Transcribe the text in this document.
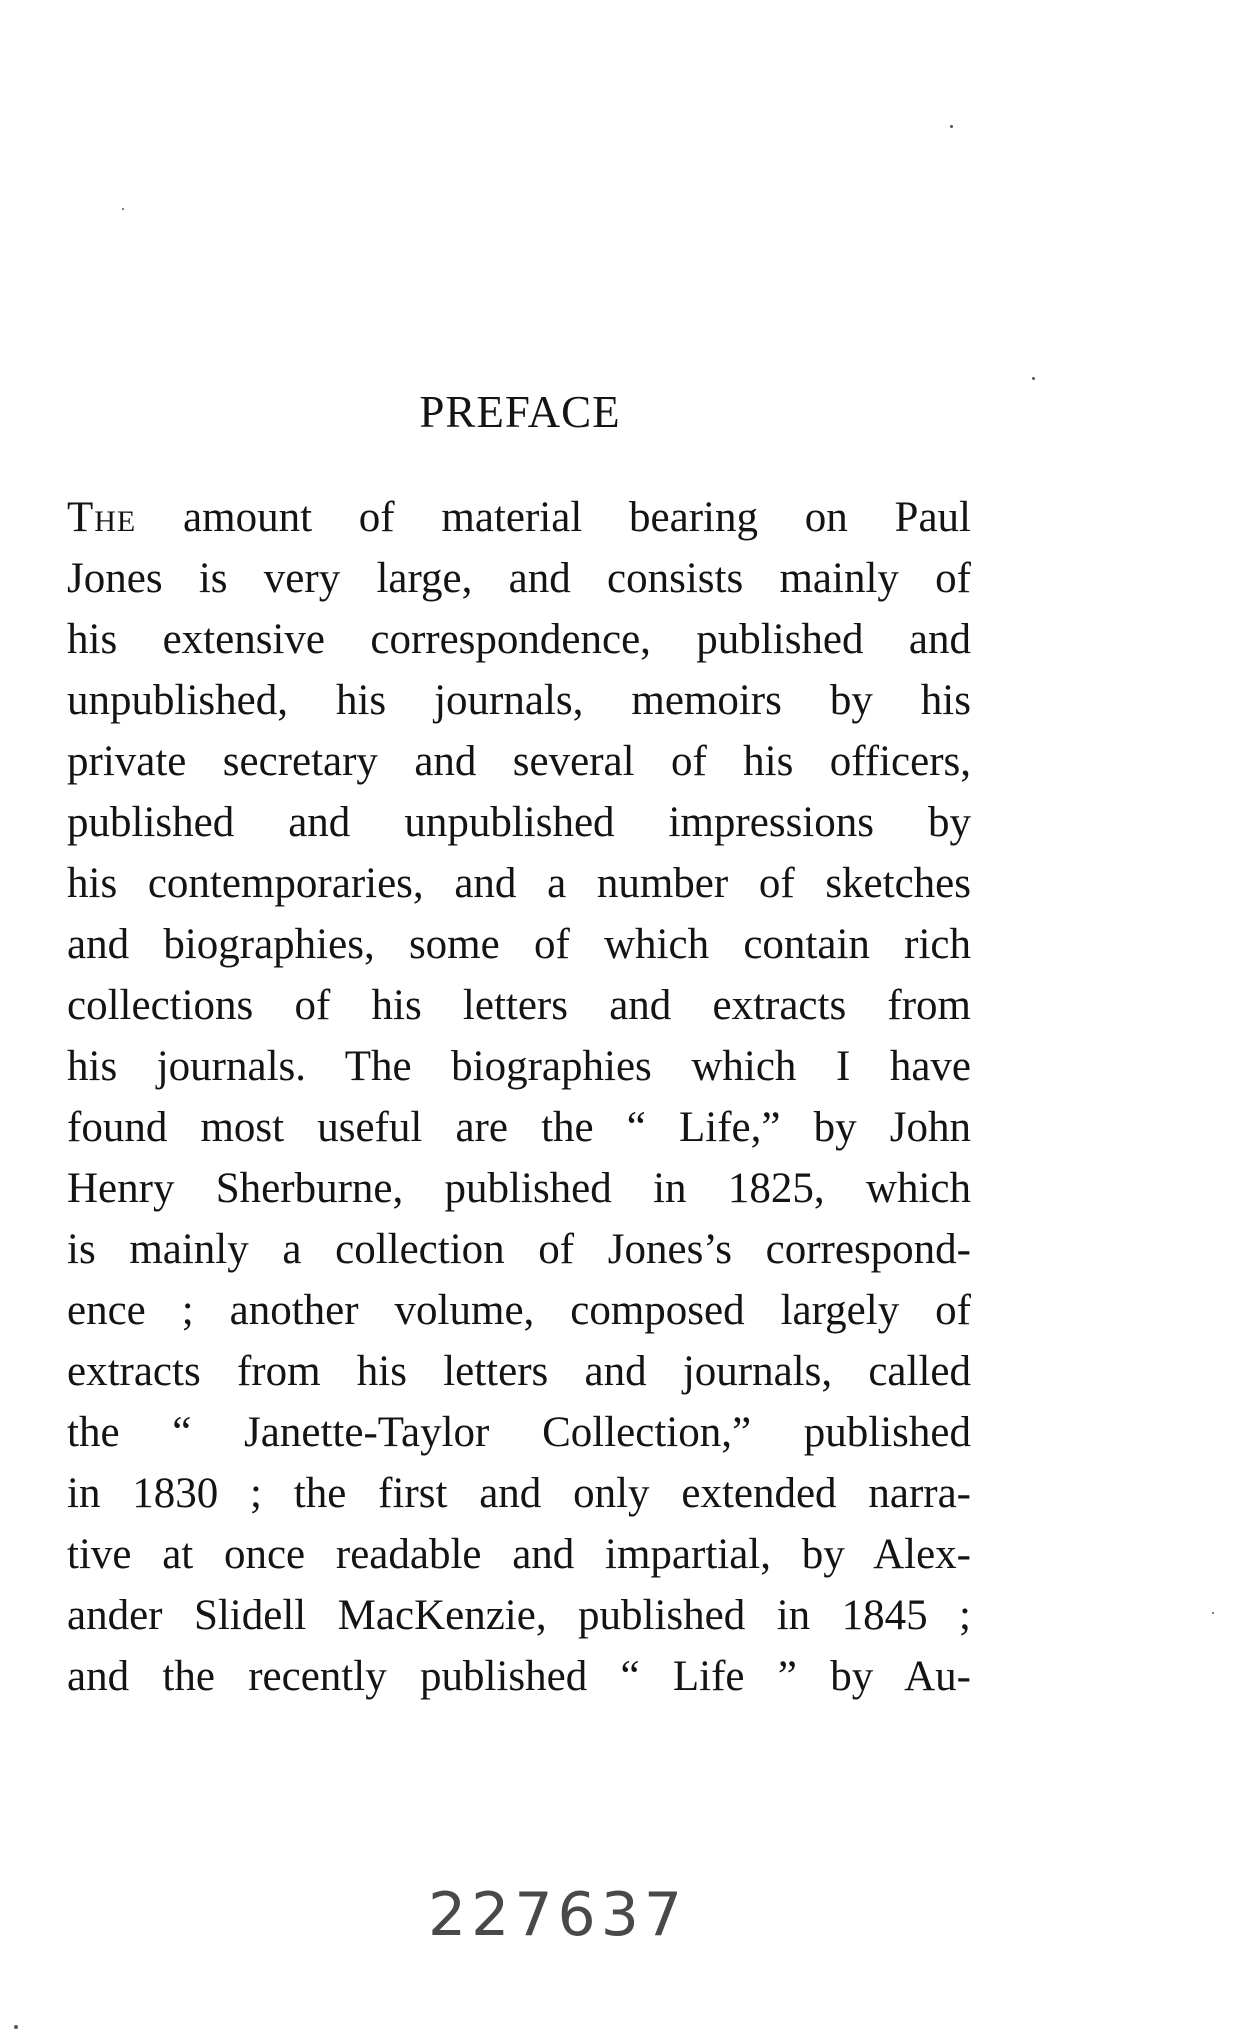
PREFACE
The amount of material bearing on Paul
Jones is very large, and consists mainly of
his extensive correspondence, published and
unpublished, his journals, memoirs by his
private secretary and several of his officers,
published and unpublished impressions by
his contemporaries, and a number of sketches
and biographies, some of which contain rich
collections of his letters and extracts from
his journals. The biographies which I have
found most useful are the “ Life,” by John
Henry Sherburne, published in 1825, which
is mainly a collection of Jones’s correspond-
ence ; another volume, composed largely of
extracts from his letters and journals, called
the “ Janette-Taylor Collection,” published
in 1830 ; the first and only extended narra-
tive at once readable and impartial, by Alex-
ander Slidell MacKenzie, published in 1845 ;
and the recently published “ Life ” by Au-
227637
